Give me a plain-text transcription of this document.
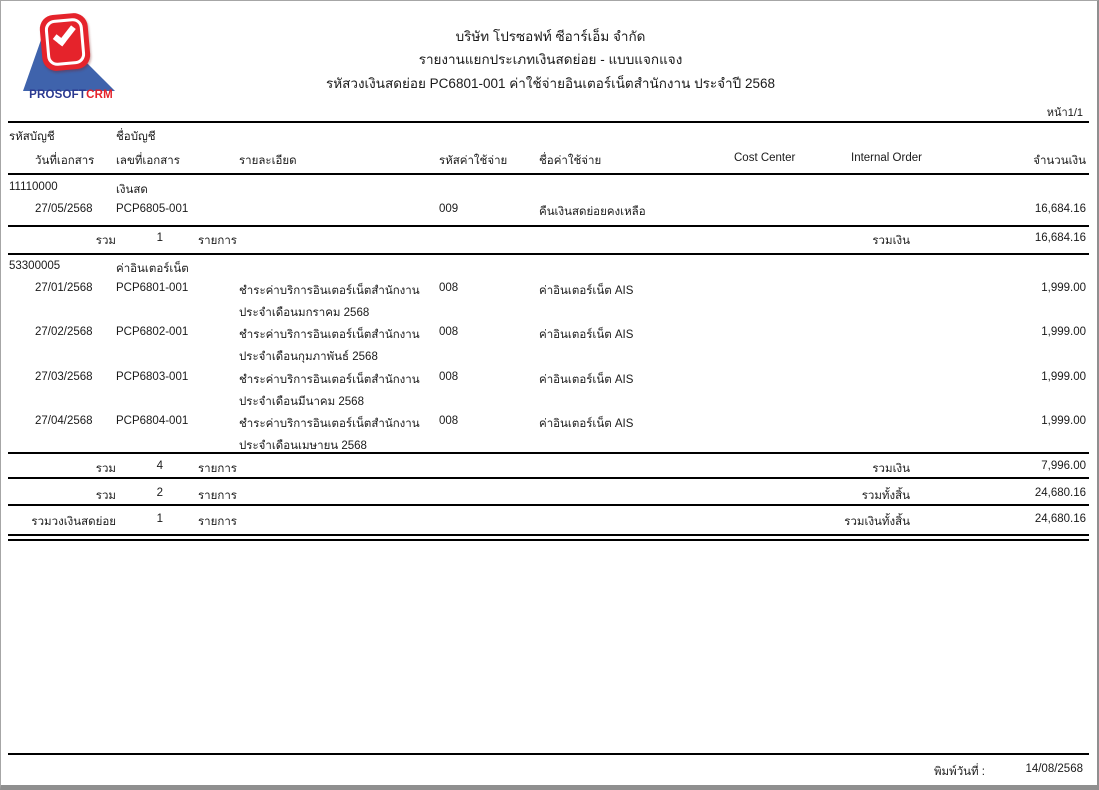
PROSOFTCRM
บริษัท โปรซอฟท์ ซีอาร์เอ็ม จำกัด
รายงานแยกประเภทเงินสดย่อย - แบบแจกแจง
รหัสวงเงินสดย่อย PC6801-001 ค่าใช้จ่ายอินเตอร์เน็ตสำนักงาน ประจำปี 2568
หน้า1/1
รหัสบัญชี	ชื่อบัญชี
วันที่เอกสาร เลขที่เอกสาร	รายละเอียด	รหัสค่าใช้จ่าย	ชื่อค่าใช้จ่าย	Cost Center	Internal Order	จำนวนเงิน
11110000	เงินสด
27/05/2568 PCP6805-001	009	คืนเงินสดย่อยคงเหลือ	16,684.16
รวม	1	รายการ	รวมเงิน	16,684.16
53300005	ค่าอินเตอร์เน็ต
27/01/2568 PCP6801-001	ชำระค่าบริการอินเตอร์เน็ตสำนักงาน 008	ค่าอินเตอร์เน็ต AIS	1,999.00
ประจำเดือนมกราคม 2568
27/02/2568 PCP6802-001	ชำระค่าบริการอินเตอร์เน็ตสำนักงาน 008	ค่าอินเตอร์เน็ต AIS	1,999.00
ประจำเดือนกุมภาพันธ์ 2568
27/03/2568 PCP6803-001	ชำระค่าบริการอินเตอร์เน็ตสำนักงาน 008	ค่าอินเตอร์เน็ต AIS	1,999.00
ประจำเดือนมีนาคม 2568
27/04/2568 PCP6804-001	ชำระค่าบริการอินเตอร์เน็ตสำนักงาน 008	ค่าอินเตอร์เน็ต AIS	1,999.00
ประจำเดือนเมษายน 2568
รวม	4	รายการ	รวมเงิน	7,996.00
รวม	2	รายการ	รวมทั้งสิ้น	24,680.16
รวมวงเงินสดย่อย	1	รายการ	รวมเงินทั้งสิ้น	24,680.16
พิมพ์วันที่ :	14/08/2568
